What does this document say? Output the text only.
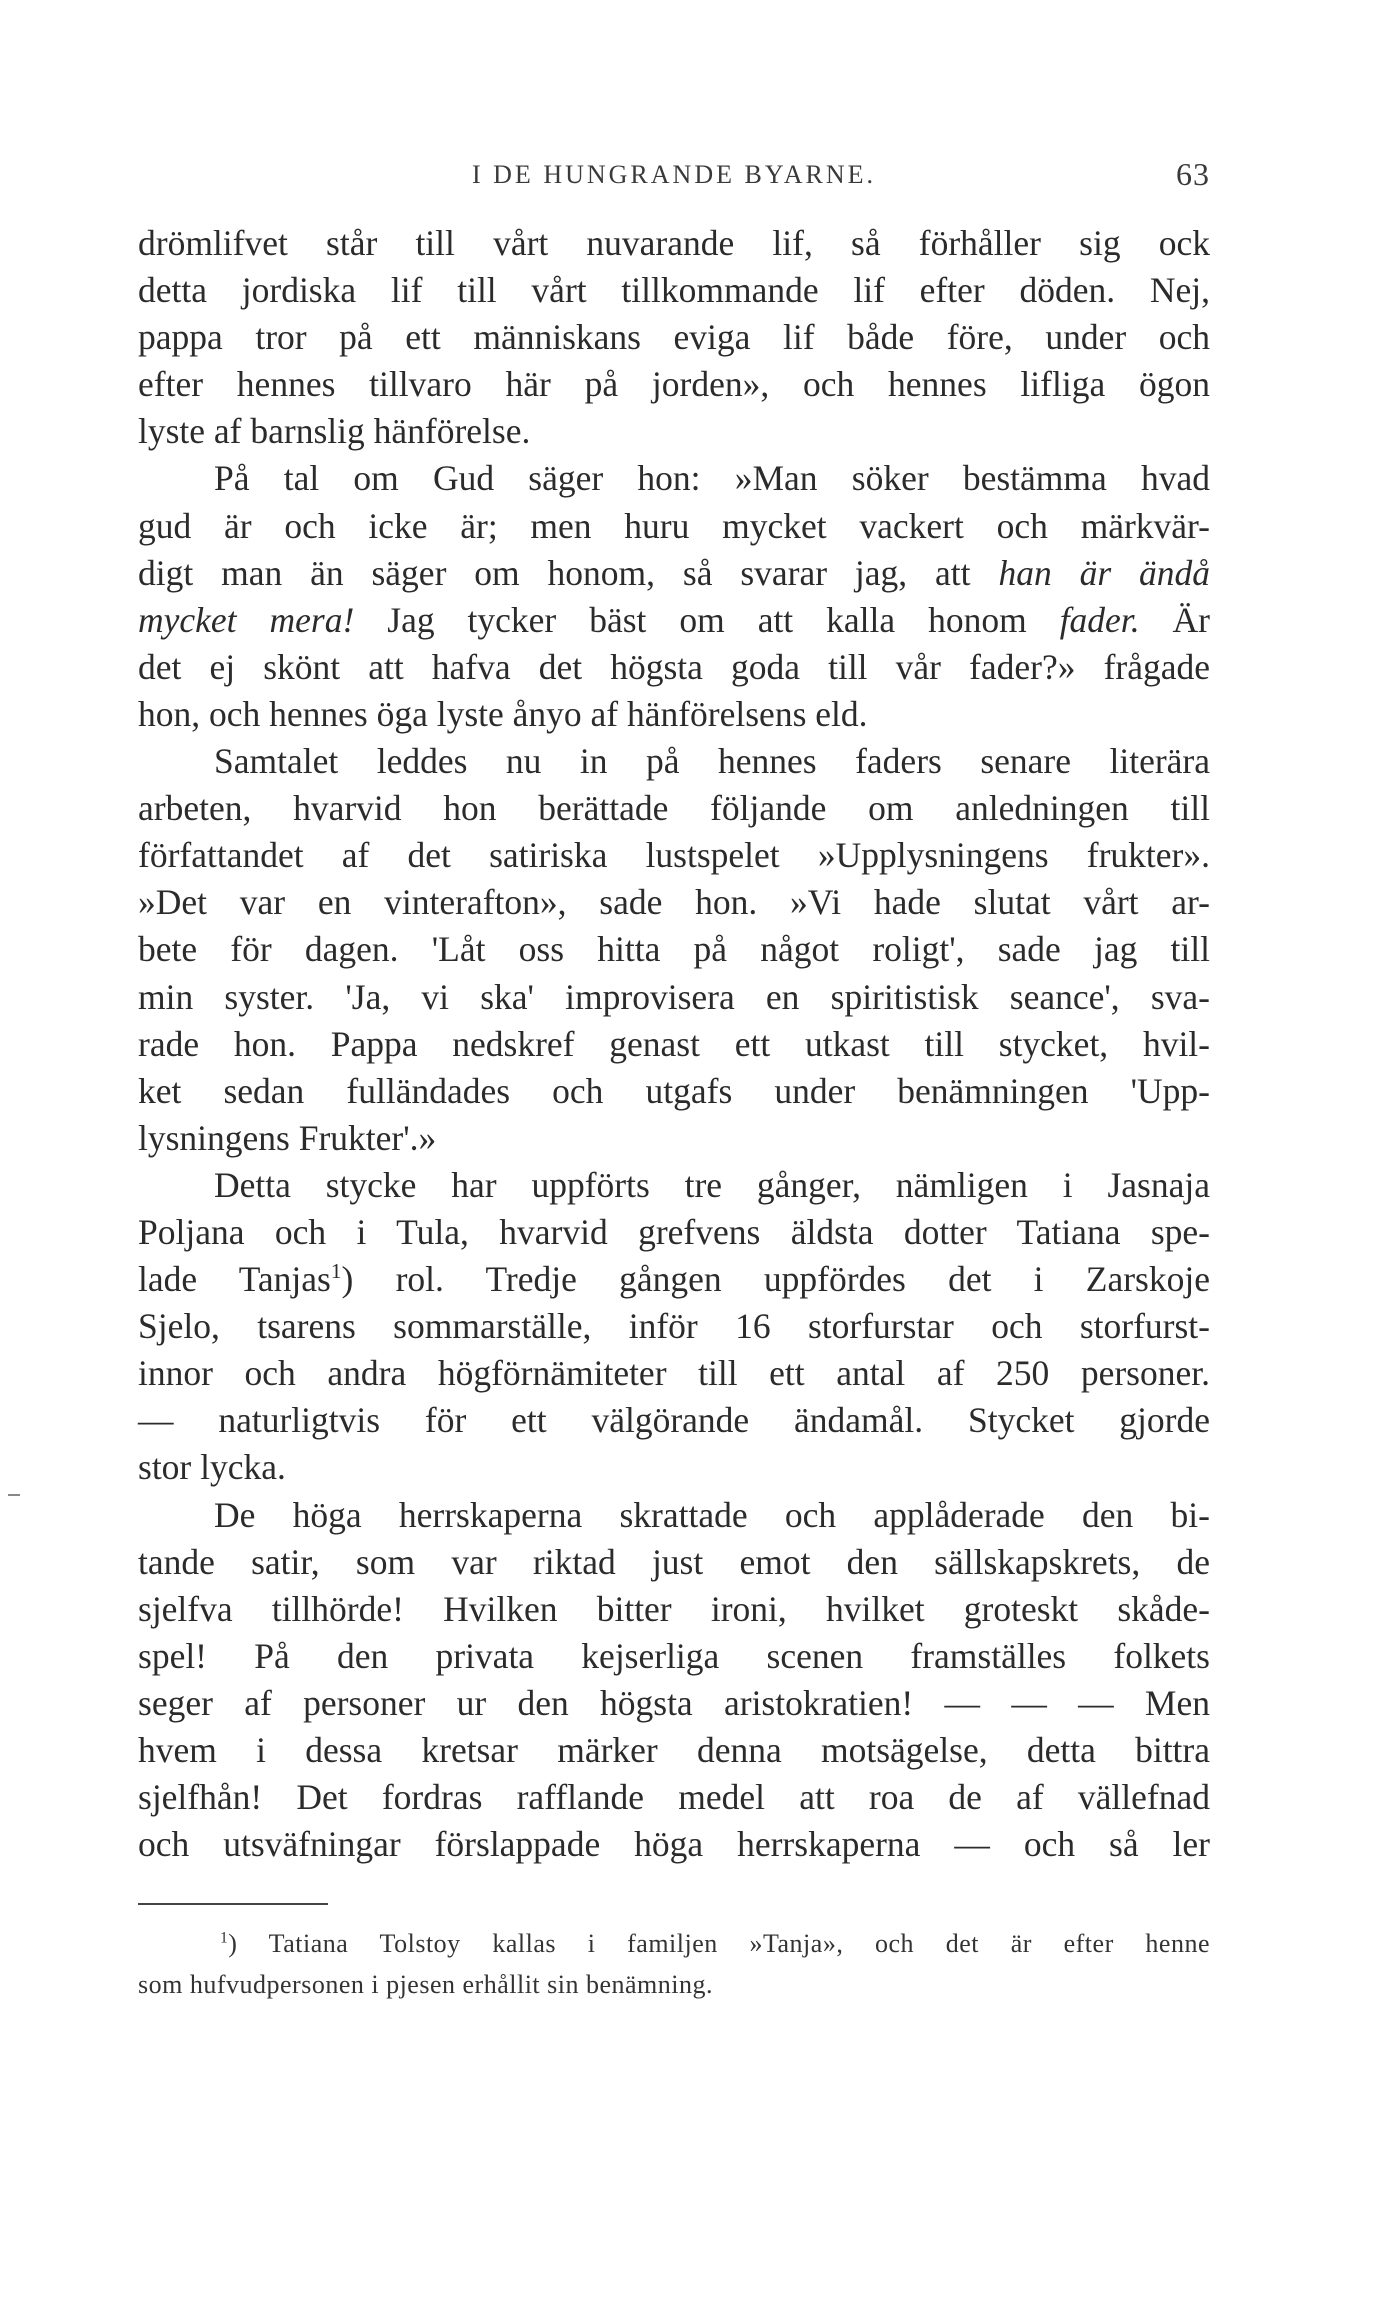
I DE HUNGRANDE BYARNE.	63
drömlifvet står till vårt nuvarande lif, så förhåller sig ock
detta jordiska lif till vårt tillkommande lif efter döden. Nej,
pappa tror på ett människans eviga lif både före, under och
efter hennes tillvaro här på jorden», och hennes lifliga ögon
lyste af barnslig hänförelse.
På tal om Gud säger hon: »Man söker bestämma hvad
gud är och icke är; men huru mycket vackert och märkvär-
digt man än säger om honom, så svarar jag, att han är ändå
mycket mera! Jag tycker bäst om att kalla honom fader. Är
det ej skönt att hafva det högsta goda till vår fader?» frågade
hon, och hennes öga lyste ånyo af hänförelsens eld.
Samtalet leddes nu in på hennes faders senare literära
arbeten, hvarvid hon berättade följande om anledningen till
författandet af det satiriska lustspelet »Upplysningens frukter».
»Det var en vinterafton», sade hon. »Vi hade slutat vårt ar-
bete för dagen. 'Låt oss hitta på något roligt', sade jag till
min syster. 'Ja, vi ska' improvisera en spiritistisk seance', sva-
rade hon. Pappa nedskref genast ett utkast till stycket, hvil-
ket sedan fulländades och utgafs under benämningen 'Upp-
lysningens Frukter'.»
Detta stycke har uppförts tre gånger, nämligen i Jasnaja
Poljana och i Tula, hvarvid grefvens äldsta dotter Tatiana spe-
lade Tanjas$^1$) rol. Tredje gången uppfördes det i Zarskoje
Sjelo, tsarens sommarställe, inför 16 storfurstar och storfurst-
innor och andra högförnämiteter till ett antal af 250 personer.
— naturligtvis för ett välgörande ändamål. Stycket gjorde
stor lycka.
De höga herrskaperna skrattade och applåderade den bi-
tande satir, som var riktad just emot den sällskapskrets, de
sjelfva tillhörde! Hvilken bitter ironi, hvilket groteskt skåde-
spel! På den privata kejserliga scenen framställes folkets
seger af personer ur den högsta aristokratien! — — — Men
hvem i dessa kretsar märker denna motsägelse, detta bittra
sjelfhån! Det fordras rafflande medel att roa de af vällefnad
och utsväfningar förslappade höga herrskaperna — och så ler
$^1$) Tatiana Tolstoy kallas i familjen »Tanja», och det är efter henne
som hufvudpersonen i pjesen erhållit sin benämning.
